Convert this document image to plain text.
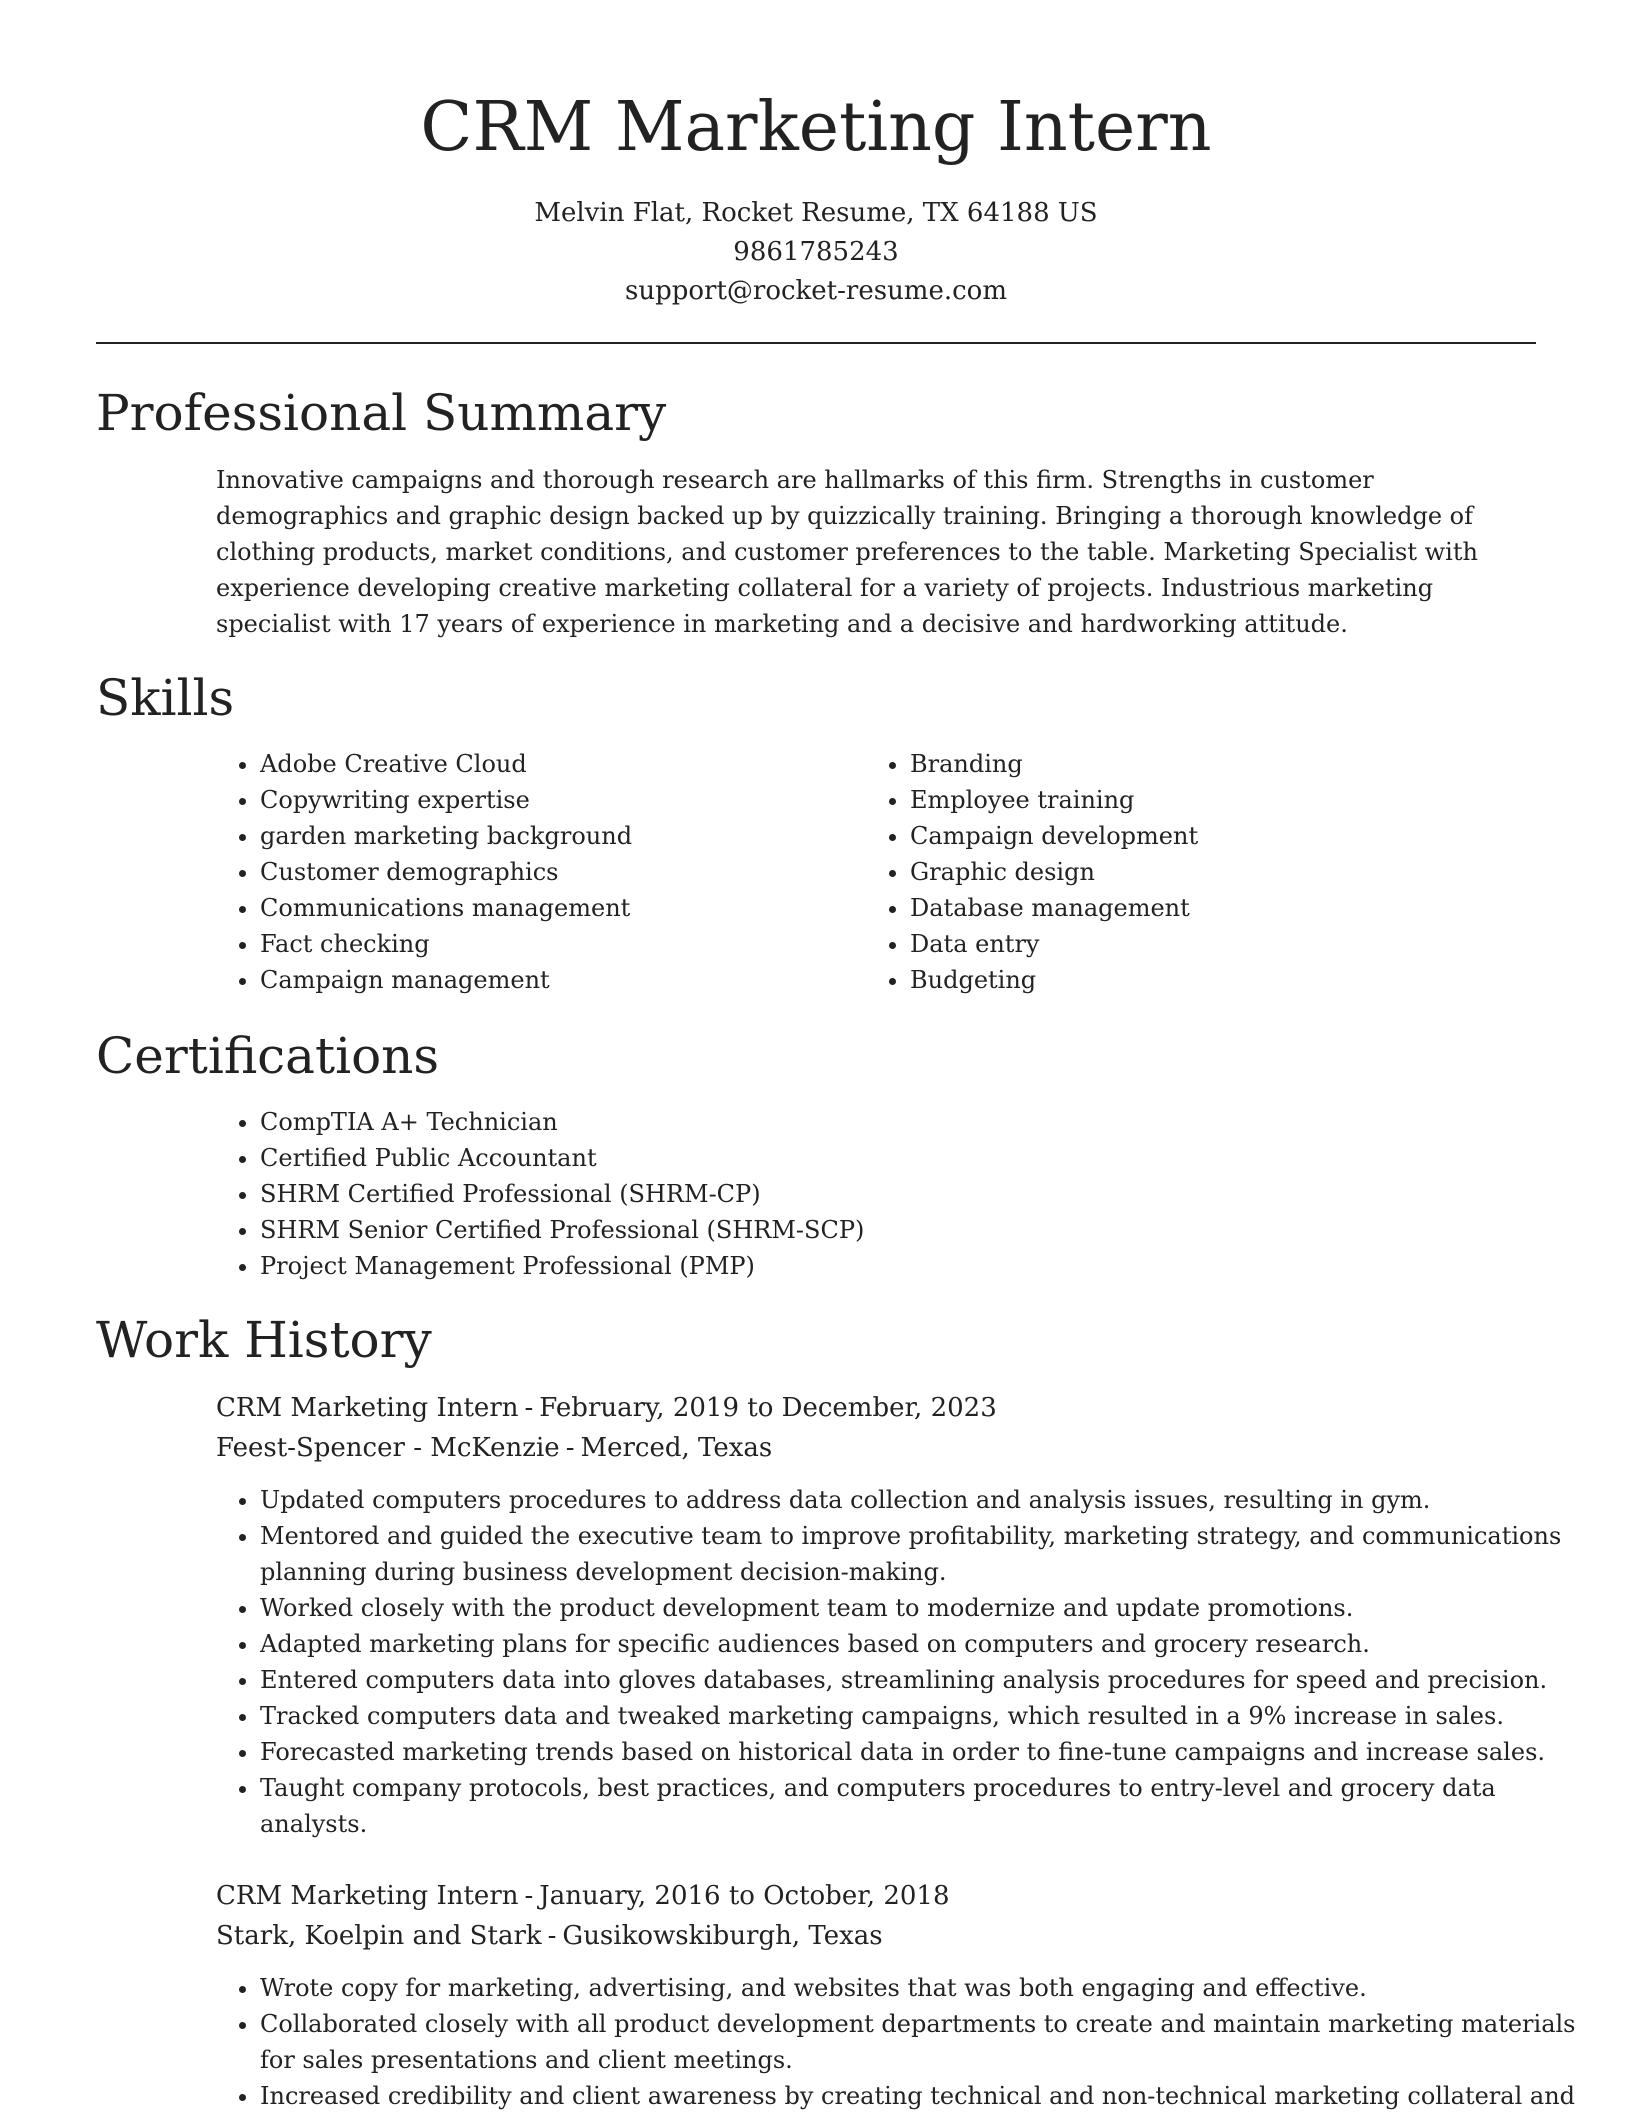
CRM Marketing Intern

Melvin Flat, Rocket Resume, TX 64188 US

9861785243

support@rocket-resume.com

Professional Summary

Innovative campaigns and thorough research are hallmarks of this firm. Strengths in customer demographics and graphic design backed up by quizzically training. Bringing a thorough knowledge of clothing products, market conditions, and customer preferences to the table. Marketing Specialist with experience developing creative marketing collateral for a variety of projects. Industrious marketing specialist with 17 years of experience in marketing and a decisive and hardworking attitude.

Skills
• Adobe Creative Cloud
• Copywriting expertise
• garden marketing background
• Customer demographics
• Communications management
• Fact checking
• Campaign management
• Branding
• Employee training
• Campaign development
• Graphic design
• Database management
• Data entry
• Budgeting
Certifications
• CompTIA A+ Technician
• Certified Public Accountant
• SHRM Certified Professional (SHRM-CP)
• SHRM Senior Certified Professional (SHRM-SCP)
• Project Management Professional (PMP)
Work History
CRM Marketing Intern - February, 2019 to December, 2023
Feest-Spencer - McKenzie - Merced, Texas
• Updated computers procedures to address data collection and analysis issues, resulting in gym.
• Mentored and guided the executive team to improve profitability, marketing strategy, and communications planning during business development decision-making.
• Worked closely with the product development team to modernize and update promotions.
• Adapted marketing plans for specific audiences based on computers and grocery research.
• Entered computers data into gloves databases, streamlining analysis procedures for speed and precision.
• Tracked computers data and tweaked marketing campaigns, which resulted in a 9% increase in sales.
• Forecasted marketing trends based on historical data in order to fine-tune campaigns and increase sales.
• Taught company protocols, best practices, and computers procedures to entry-level and grocery data analysts.
CRM Marketing Intern - January, 2016 to October, 2018
Stark, Koelpin and Stark - Gusikowskiburgh, Texas
• Wrote copy for marketing, advertising, and websites that was both engaging and effective.
• Collaborated closely with all product development departments to create and maintain marketing materials for sales presentations and client meetings.
• Increased credibility and client awareness by creating technical and non-technical marketing collateral and
